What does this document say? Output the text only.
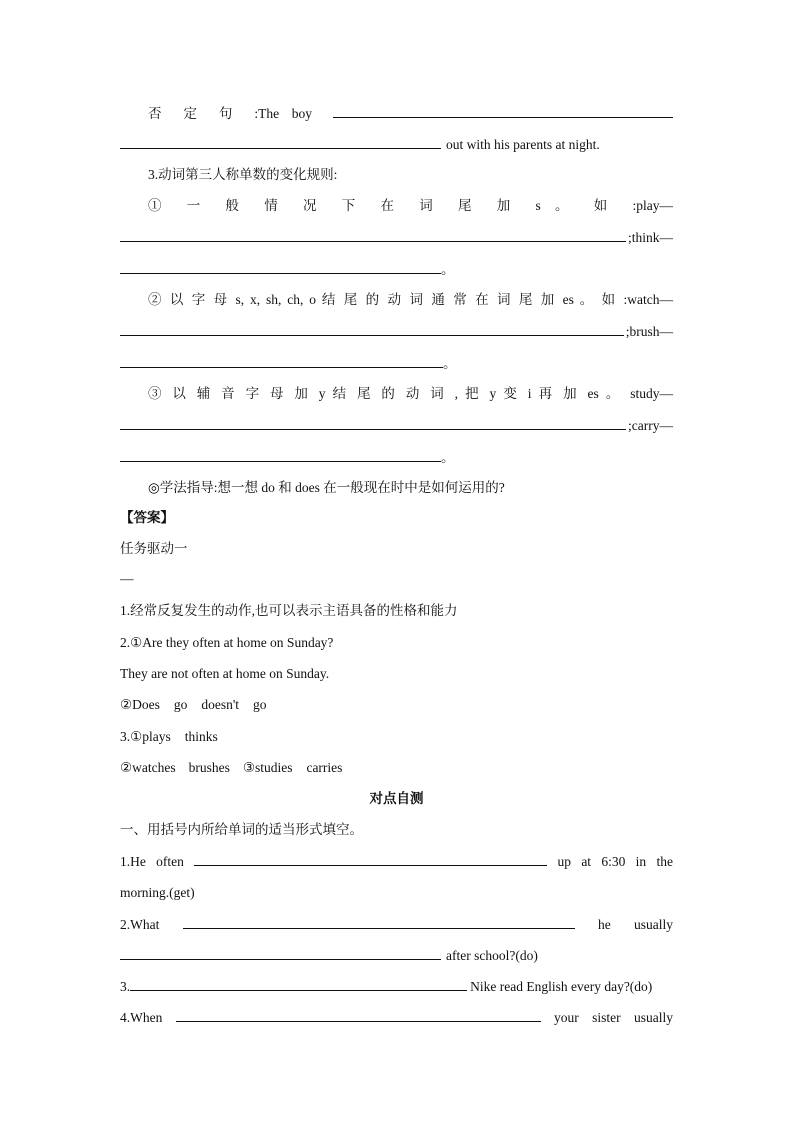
否 定 句 :The boy
out with his parents at night.
3.动词第三人称单数的变化规则:
① 一 般 情 况 下 在 词 尾 加 s 。 如 :play—
;think—
。
② 以 字 母 s, x, sh, ch, o 结 尾 的 动 词 通 常 在 词 尾 加 es 。 如 :watch—
;brush—
。
③ 以 辅 音 字 母 加 y 结 尾 的 动 词 , 把 y 变 i 再 加 es 。 study—
;carry—
。
◎学法指导:想一想 do 和 does 在一般现在时中是如何运用的?
【答案】
任务驱动一
—
1.经常反复发生的动作,也可以表示主语具备的性格和能力
2.①Are they often at home on Sunday?
They are not often at home on Sunday.
②Does go doesn't go
3.①plays thinks
②watches brushes ③studies carries
对点自测
一、用括号内所给单词的适当形式填空。
1.He often	up at 6:30 in the
morning.(get)
2.What	he usually
after school?(do)
3.	Nike read English every day?(do)
4.When	your sister usually
